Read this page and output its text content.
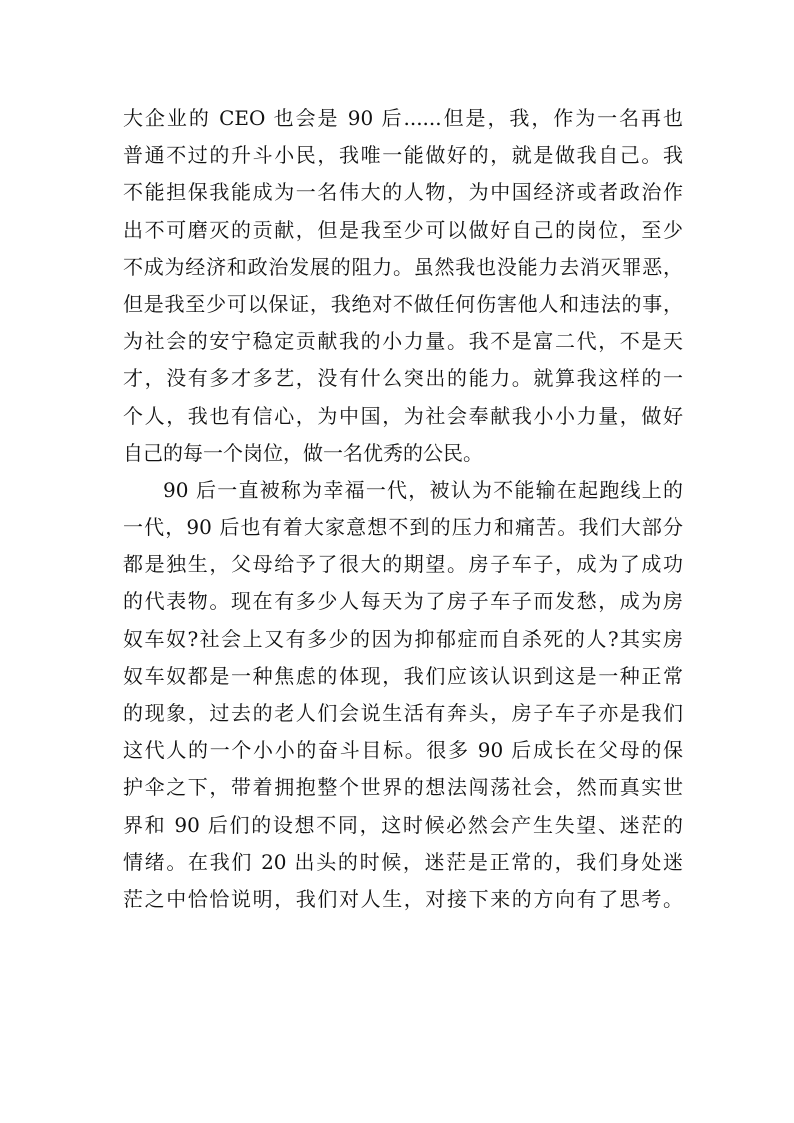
大企业的 CEO 也会是 90 后......但是，我，作为一名再也
普通不过的升斗小民，我唯一能做好的，就是做我自己。我
不能担保我能成为一名伟大的人物，为中国经济或者政治作
出不可磨灭的贡献，但是我至少可以做好自己的岗位，至少
不成为经济和政治发展的阻力。虽然我也没能力去消灭罪恶，
但是我至少可以保证，我绝对不做任何伤害他人和违法的事，
为社会的安宁稳定贡献我的小力量。我不是富二代，不是天
才，没有多才多艺，没有什么突出的能力。就算我这样的一
个人，我也有信心，为中国，为社会奉献我小小力量，做好
自己的每一个岗位，做一名优秀的公民。
90 后一直被称为幸福一代，被认为不能输在起跑线上的
一代，90 后也有着大家意想不到的压力和痛苦。我们大部分
都是独生，父母给予了很大的期望。房子车子，成为了成功
的代表物。现在有多少人每天为了房子车子而发愁，成为房
奴车奴?社会上又有多少的因为抑郁症而自杀死的人?其实房
奴车奴都是一种焦虑的体现，我们应该认识到这是一种正常
的现象，过去的老人们会说生活有奔头，房子车子亦是我们
这代人的一个小小的奋斗目标。很多 90 后成长在父母的保
护伞之下，带着拥抱整个世界的想法闯荡社会，然而真实世
界和 90 后们的设想不同，这时候必然会产生失望、迷茫的
情绪。在我们 20 出头的时候，迷茫是正常的，我们身处迷
茫之中恰恰说明，我们对人生，对接下来的方向有了思考。
